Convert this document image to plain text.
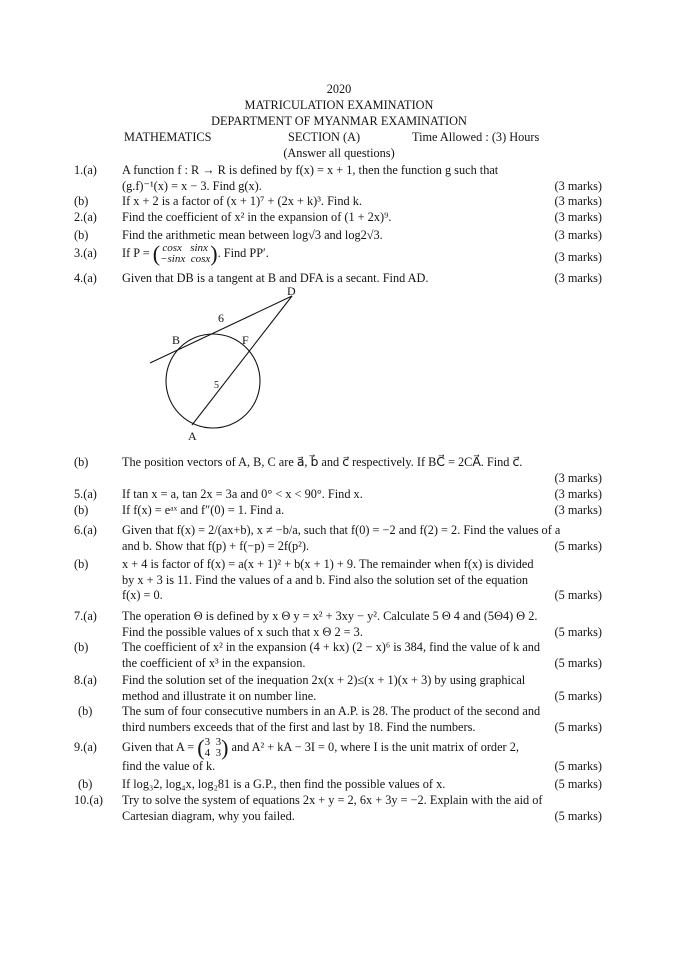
2020
MATRICULATION EXAMINATION
DEPARTMENT OF MYANMAR EXAMINATION
MATHEMATICS	SECTION (A)	Time Allowed : (3) Hours
(Answer all questions)
1.(a)	A function f : R → R is defined by f(x) = x + 1, then the function g such that
(g.f)⁻¹(x) = x − 3. Find g(x).	(3 marks)
(b)	If x + 2 is a factor of (x + 1)⁷ + (2x + k)³. Find k.	(3 marks)
2.(a)	Find the coefficient of x² in the expansion of (1 + 2x)⁹.	(3 marks)
(b)	Find the arithmetic mean between log√3 and log2√3.	(3 marks)
3.(a)	If P = ( cosx sinx
−sinx cosx). Find PP′.	(3 marks)
4.(a)	Given that DB is a tangent at B and DFA is a secant. Find AD.	(3 marks)
D
B	F
A
6
5
(b)	The position vectors of A, B, C are a⃗, b⃗ and c⃗ respectively. If BC⃗ = 2CA⃗. Find c⃗.
(3 marks)
5.(a)	If tan x = a, tan 2x = 3a and 0° < x < 90°. Find x.	(3 marks)
(b)	If f(x) = eᵃˣ and f″(0) = 1. Find a.	(3 marks)
6.(a)	Given that f(x) = 2/(ax+b), x ≠ −b/a, such that f(0) = −2 and f(2) = 2. Find the values of a
and b. Show that f(p) + f(−p) = 2f(p²).	(5 marks)
(b)	x + 4 is factor of f(x) = a(x + 1)² + b(x + 1) + 9. The remainder when f(x) is divided
by x + 3 is 11. Find the values of a and b. Find also the solution set of the equation
f(x) = 0.	(5 marks)
7.(a)	The operation Θ is defined by x Θ y = x² + 3xy − y². Calculate 5 Θ 4 and (5Θ4) Θ 2.
Find the possible values of x such that x Θ 2 = 3.	(5 marks)
(b)	The coefficient of x² in the expansion (4 + kx) (2 − x)⁶ is 384, find the value of k and
the coefficient of x³ in the expansion.	(5 marks)
8.(a)	Find the solution set of the inequation 2x(x + 2)≤(x + 1)(x + 3) by using graphical
method and illustrate it on number line.	(5 marks)
(b)	The sum of four consecutive numbers in an A.P. is 28. The product of the second and
third numbers exceeds that of the first and last by 18. Find the numbers.	(5 marks)
9.(a)	Given that A = (3 3
4 3) and A² + kA − 3I = 0, where I is the unit matrix of order 2,
find the value of k.	(5 marks)
(b)	If log₃2, log₄x, log₂81 is a G.P., then find the possible values of x.	(5 marks)
10.(a)	Try to solve the system of equations 2x + y = 2, 6x + 3y = −2. Explain with the aid of
Cartesian diagram, why you failed.	(5 marks)
